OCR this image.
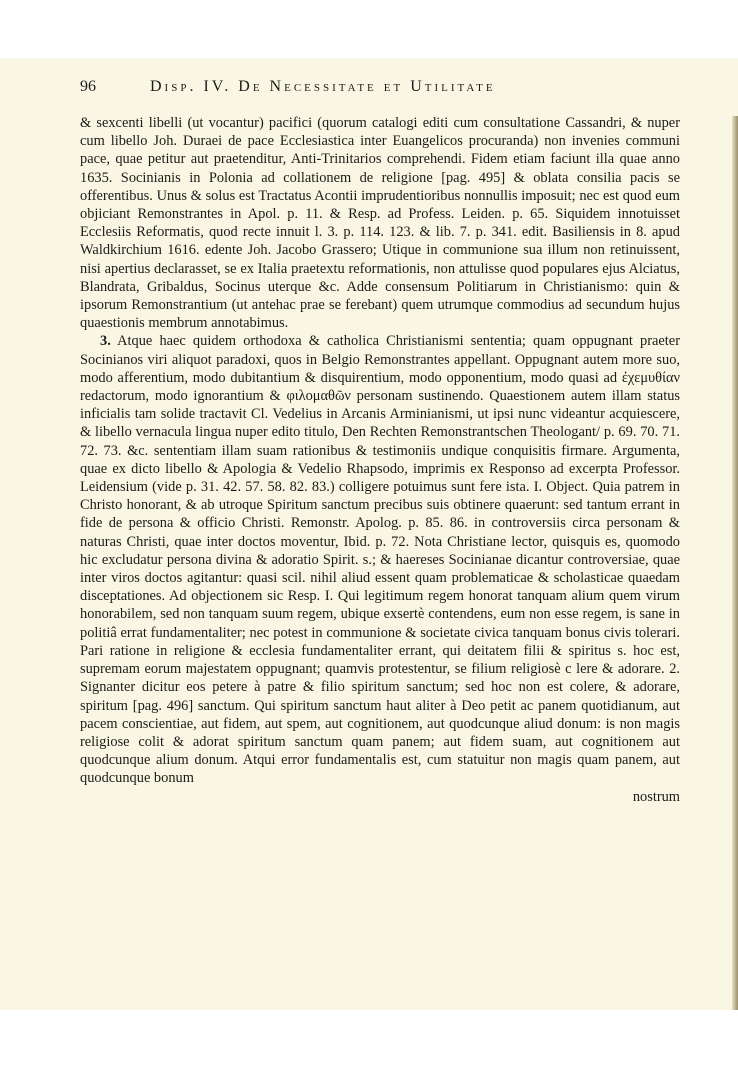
96	Disp. IV. De Necessitate et Utilitate

& sexcenti libelli (ut vocantur) pacifici (quorum catalogi editi cum consultatione Cassandri, & nuper cum libello Joh. Duraei de pace Ecclesiastica inter Euangelicos procuranda) non invenies communi pace, quae petitur aut praetenditur, Anti-Trinitarios comprehendi. Fidem etiam faciunt illa quae anno 1635. Socinianis in Polonia ad collationem de religione [pag. 495] & oblata consilia pacis se offerentibus. Unus & solus est Tractatus Acontii imprudentioribus nonnullis imposuit; nec est quod eum objiciant Remonstrantes in Apol. p. 11. & Resp. ad Profess. Leiden. p. 65. Siquidem innotuisset Ecclesiis Reformatis, quod recte innuit l. 3. p. 114. 123. & lib. 7. p. 341. edit. Basiliensis in 8. apud Waldkirchium 1616. edente Joh. Jacobo Grassero; Utique in communione sua illum non retinuissent, nisi apertius declarasset, se ex Italia praetextu reformationis, non attulisse quod populares ejus Alciatus, Blandrata, Gribaldus, Socinus uterque &c. Adde consensum Politiarum in Christianismo: quin & ipsorum Remonstrantium (ut antehac prae se ferebant) quem utrumque commodius ad secundum hujus quaestionis membrum annotabimus.

3. Atque haec quidem orthodoxa & catholica Christianismi sententia; quam oppugnant praeter Socinianos viri aliquot paradoxi, quos in Belgio Remonstrantes appellant. Oppugnant autem more suo, modo afferentium, modo dubitantium & disquirentium, modo opponentium, modo quasi ad ἐχεμυθίαν redactorum, modo ignorantium & φιλομαθῶν personam sustinendo. Quaestionem autem illam status inficialis tam solide tractavit Cl. Vedelius in Arcanis Arminianismi, ut ipsi nunc videantur acquiescere, & libello vernacula lingua nuper edito titulo, Den Rechten Remonstrantschen Theologant/ p. 69. 70. 71. 72. 73. &c. sententiam illam suam rationibus & testimoniis undique conquisitis firmare. Argumenta, quae ex dicto libello & Apologia & Vedelio Rhapsodo, imprimis ex Responso ad excerpta Professor. Leidensium (vide p. 31. 42. 57. 58. 82. 83.) colligere potuimus sunt fere ista. I. Object. Quia patrem in Christo honorant, & ab utroque Spiritum sanctum precibus suis obtinere quaerunt: sed tantum errant in fide de persona & officio Christi. Remonstr. Apolog. p. 85. 86. in controversiis circa personam & naturas Christi, quae inter doctos moventur, Ibid. p. 72. Nota Christiane lector, quisquis es, quomodo hic excludatur persona divina & adoratio Spirit. s.; & haereses Socinianae dicantur controversiae, quae inter viros doctos agitantur: quasi scil. nihil aliud essent quam problematicae & scholasticae quaedam disceptationes. Ad objectionem sic Resp. I. Qui legitimum regem honorat tanquam alium quem virum honorabilem, sed non tanquam suum regem, ubique exsertè contendens, eum non esse regem, is sane in politiâ errat fundamentaliter; nec potest in communione & societate civica tanquam bonus civis tolerari. Pari ratione in religione & ecclesia fundamentaliter errant, qui deitatem filii & spiritus s. hoc est, supremam eorum majestatem oppugnant; quamvis protestentur, se filium religiosè c lere & adorare. 2. Signanter dicitur eos petere à patre & filio spiritum sanctum; sed hoc non est colere, & adorare, spiritum [pag. 496] sanctum. Qui spiritum sanctum haut aliter à Deo petit ac panem quotidianum, aut pacem conscientiae, aut fidem, aut spem, aut cognitionem, aut quodcunque aliud donum: is non magis religiose colit & adorat spiritum sanctum quam panem; aut fidem suam, aut cognitionem aut quodcunque alium donum. Atqui error fundamentalis est, cum statuitur non magis quam panem, aut quodcunque bonum

nostrum
